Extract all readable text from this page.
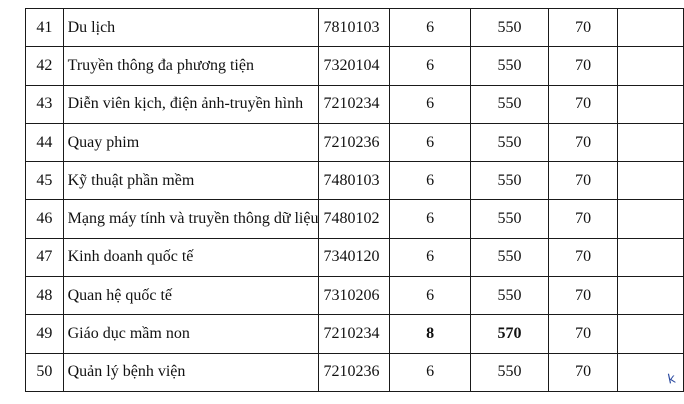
41	Du lịch	7810103	6	550	70	
42	Truyền thông đa phương tiện	7320104	6	550	70	
43	Diễn viên kịch, điện ảnh-truyền hình	7210234	6	550	70	
44	Quay phim	7210236	6	550	70	
45	Kỹ thuật phần mềm	7480103	6	550	70	
46	Mạng máy tính và truyền thông dữ liệu	7480102	6	550	70	
47	Kinh doanh quốc tế	7340120	6	550	70	
48	Quan hệ quốc tế	7310206	6	550	70	
49	Giáo dục mầm non	7210234	8	570	70	
50	Quản lý bệnh viện	7210236	6	550	70		k
